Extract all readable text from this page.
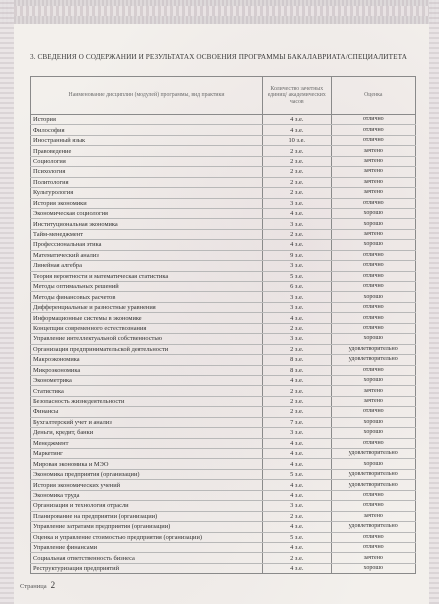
3. СВЕДЕНИЯ О СОДЕРЖАНИИ И РЕЗУЛЬТАТАХ ОСВОЕНИЯ ПРОГРАММЫ БАКАЛАВРИАТА/СПЕЦИАЛИТЕТА
Наименование дисциплин (модулей) программы, вид практики	Количество зачетных единиц/ академических часов	Оценка
История	4 з.е.	отлично
Философия	4 з.е.	отлично
Иностранный язык	10 з.е.	отлично
Правоведение	2 з.е.	зачтено
Социология	2 з.е.	зачтено
Психология	2 з.е.	зачтено
Политология	2 з.е.	зачтено
Культурология	2 з.е.	зачтено
История экономики	3 з.е.	отлично
Экономическая социология	4 з.е.	хорошо
Институциональная экономика	3 з.е.	хорошо
Тайм-менеджмент	2 з.е.	зачтено
Профессиональная этика	4 з.е.	хорошо
Математический анализ	9 з.е.	отлично
Линейная алгебра	3 з.е.	отлично
Теория вероятности и математическая статистика	5 з.е.	отлично
Методы оптимальных решений	6 з.е.	отлично
Методы финансовых расчетов	3 з.е.	хорошо
Дифференциальные и разностные уравнения	3 з.е.	отлично
Информационные системы в экономике	4 з.е.	отлично
Концепции современного естествознания	2 з.е.	отлично
Управление интеллектуальной собственностью	3 з.е.	хорошо
Организация предпринимательской деятельности	2 з.е.	удовлетворительно
Макроэкономика	8 з.е.	удовлетворительно
Микроэкономика	8 з.е.	отлично
Эконометрика	4 з.е.	хорошо
Статистика	2 з.е.	зачтено
Безопасность жизнедеятельности	2 з.е.	зачтено
Финансы	2 з.е.	отлично
Бухгалтерский учет и анализ	7 з.е.	хорошо
Деньги, кредит, банки	3 з.е.	хорошо
Менеджмент	4 з.е.	отлично
Маркетинг	4 з.е.	удовлетворительно
Мировая экономика и МЭО	4 з.е.	хорошо
Экономика предприятия (организации)	5 з.е.	удовлетворительно
История экономических учений	4 з.е.	удовлетворительно
Экономика труда	4 з.е.	отлично
Организация и технология отрасли	3 з.е.	отлично
Планирование на предприятии (организации)	2 з.е.	зачтено
Управление затратами предприятия (организации)	4 з.е.	удовлетворительно
Оценка и управление стоимостью предприятия (организации)	5 з.е.	отлично
Управление финансами	4 з.е.	отлично
Социальная ответственность бизнеса	2 з.е.	зачтено
Реструктуризация предприятий	4 з.е.	хорошо
Страница 2
